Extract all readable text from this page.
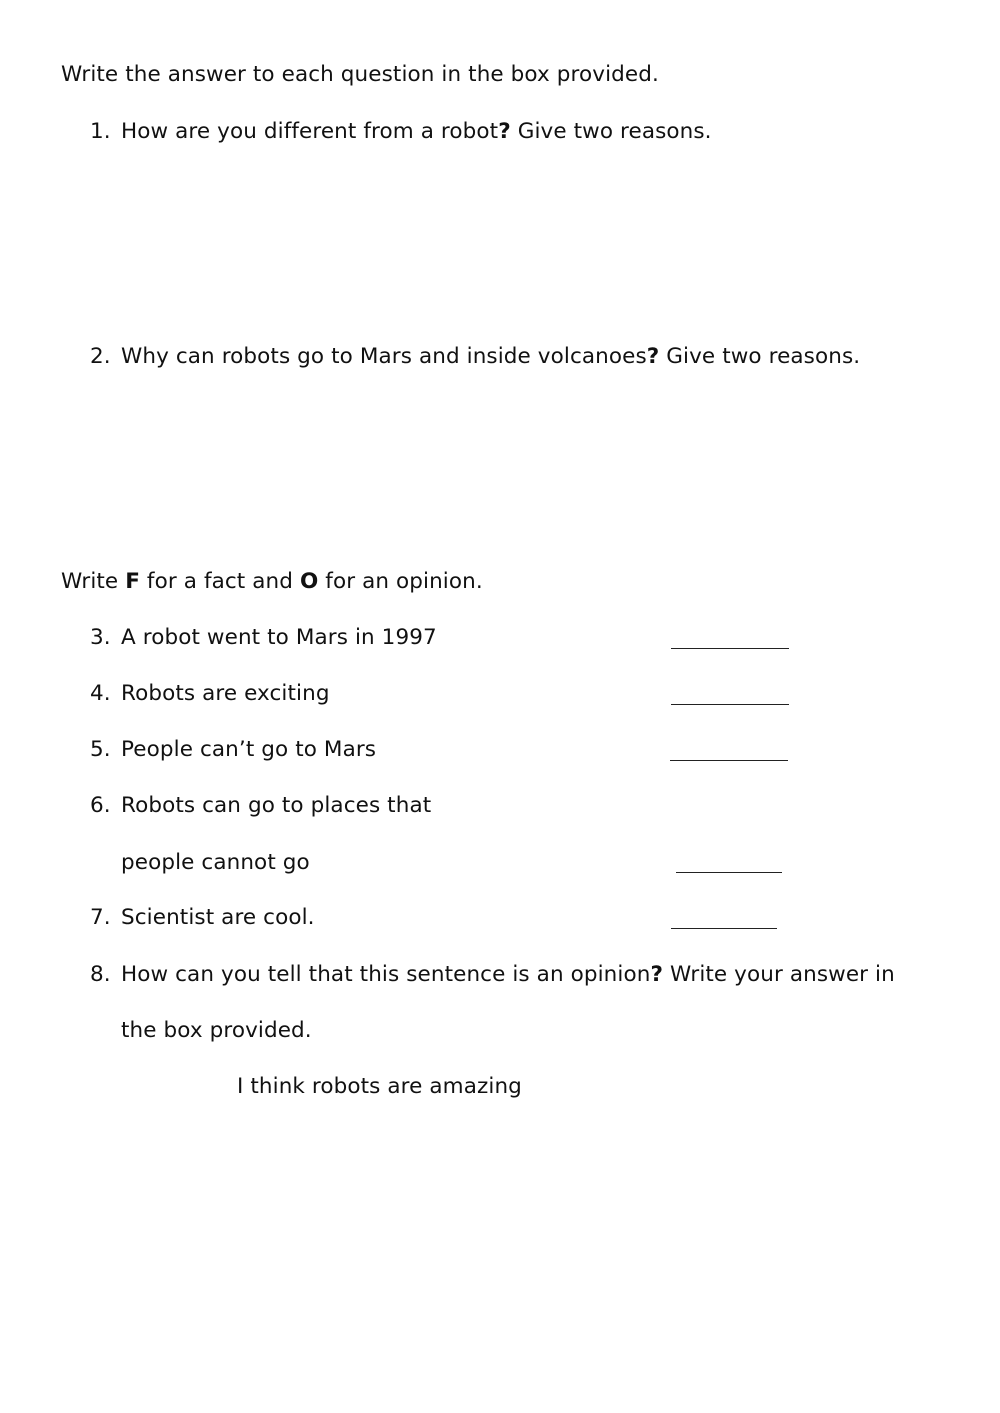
Write the answer to each question in the box provided.
1. How are you different from a robot? Give two reasons.
2. Why can robots go to Mars and inside volcanoes? Give two reasons.
Write F for a fact and O for an opinion.
3. A robot went to Mars in 1997
4. Robots are exciting
5. People can’t go to Mars
6. Robots can go to places that
people cannot go
7. Scientist are cool.
8. How can you tell that this sentence is an opinion? Write your answer in
the box provided.
I think robots are amazing
